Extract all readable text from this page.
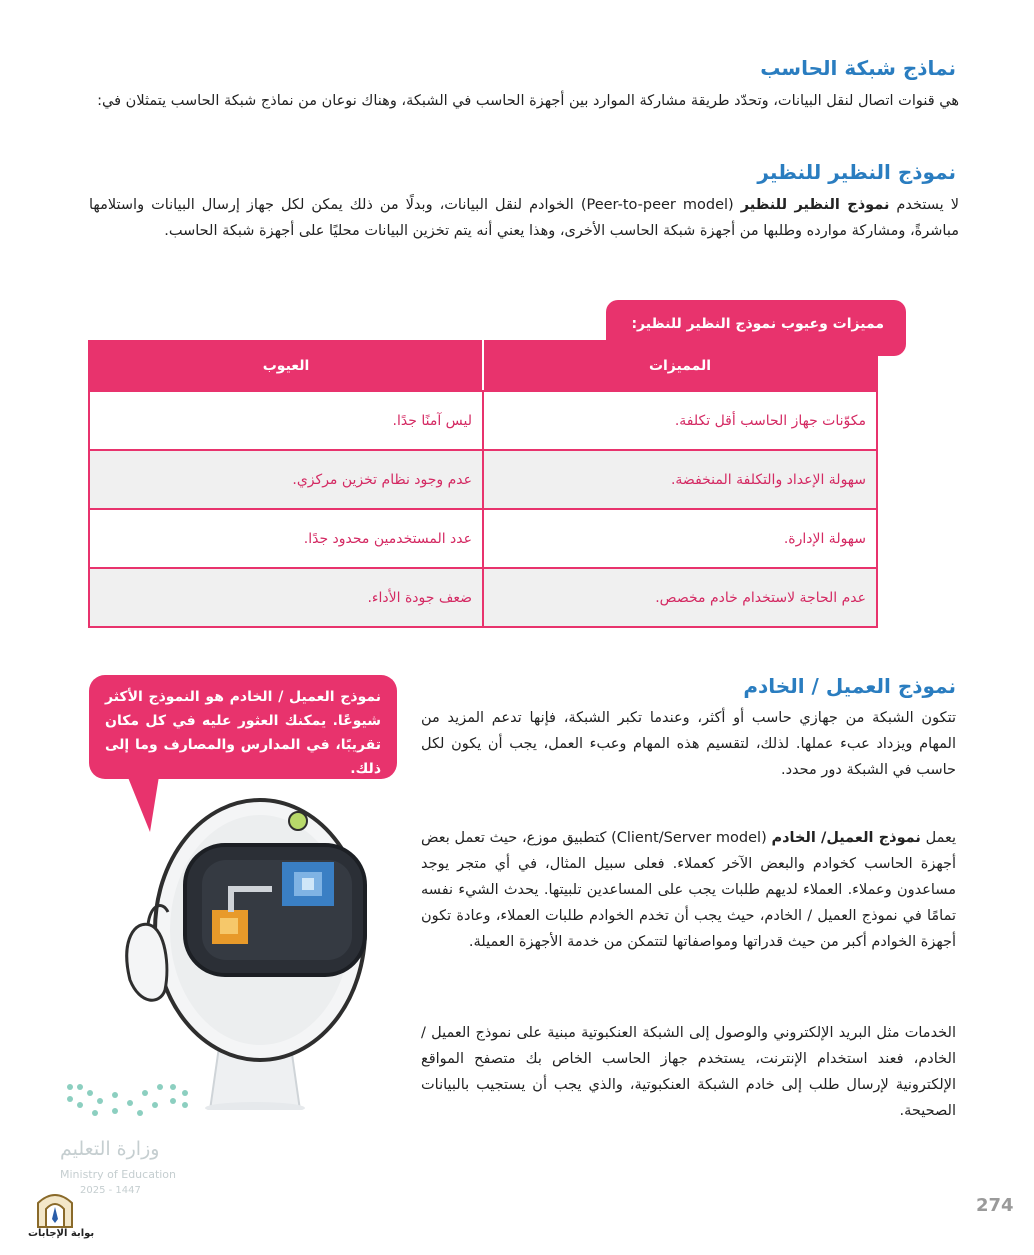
نماذج شبكة الحاسب
هي قنوات اتصال لنقل البيانات، وتحدّد طريقة مشاركة الموارد بين أجهزة الحاسب في الشبكة، وهناك نوعان من نماذج شبكة الحاسب يتمثلان في:
نموذج النظير للنظير
لا يستخدم نموذج النظير للنظير (Peer-to-peer model) الخوادم لنقل البيانات، وبدلًا من ذلك يمكن لكل جهاز إرسال البيانات واستلامها مباشرةً، ومشاركة موارده وطلبها من أجهزة شبكة الحاسب الأخرى، وهذا يعني أنه يتم تخزين البيانات محليًا على أجهزة شبكة الحاسب.
مميزات وعيوب نموذج النظير للنظير:
المميزات	العيوب
مكوّنات جهاز الحاسب أقل تكلفة.	ليس آمنًا جدًا.
سهولة الإعداد والتكلفة المنخفضة.	عدم وجود نظام تخزين مركزي.
سهولة الإدارة.	عدد المستخدمين محدود جدًا.
عدم الحاجة لاستخدام خادم مخصص.	ضعف جودة الأداء.
نموذج العميل / الخادم
تتكون الشبكة من جهازي حاسب أو أكثر، وعندما تكبر الشبكة، فإنها تدعم المزيد من المهام ويزداد عبء عملها. لذلك، لتقسيم هذه المهام وعبء العمل، يجب أن يكون لكل حاسب في الشبكة دور محدد.
يعمل نموذج العميل/ الخادم (Client/Server model) كتطبيق موزع، حيث تعمل بعض أجهزة الحاسب كخوادم والبعض الآخر كعملاء. فعلى سبيل المثال، في أي متجر يوجد مساعدون وعملاء. العملاء لديهم طلبات يجب على المساعدين تلبيتها. يحدث الشيء نفسه تمامًا في نموذج العميل / الخادم، حيث يجب أن تخدم الخوادم طلبات العملاء، وعادة تكون أجهزة الخوادم أكبر من حيث قدراتها ومواصفاتها لتتمكن من خدمة الأجهزة العميلة.
الخدمات مثل البريد الإلكتروني والوصول إلى الشبكة العنكبوتية مبنية على نموذج العميل / الخادم، فعند استخدام الإنترنت، يستخدم جهاز الحاسب الخاص بك متصفح المواقع الإلكترونية لإرسال طلب إلى خادم الشبكة العنكبوتية، والذي يجب أن يستجيب بالبيانات الصحيحة.
نموذج العميل / الخادم هو النموذج الأكثر شيوعًا. يمكنك العثور عليه في كل مكان تقريبًا، في المدارس والمصارف وما إلى ذلك.
وزارة التعليم
Ministry of Education
2025 - 1447
بوابة الإجابات
274
